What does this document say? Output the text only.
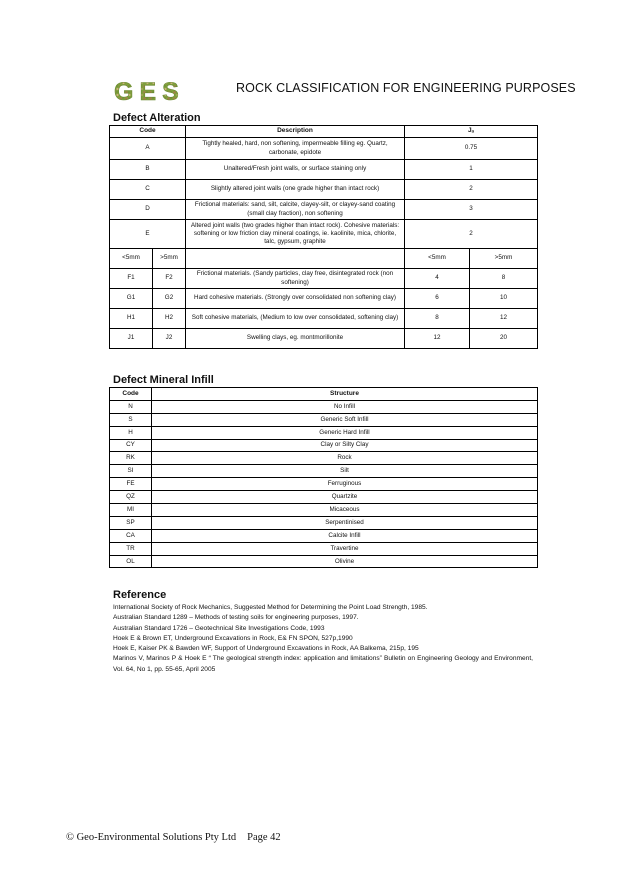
GES	ROCK CLASSIFICATION FOR ENGINEERING PURPOSES
Defect Alteration
Code		Description	Jₐ	
A		Tightly healed, hard, non softening, impermeable filling eg. Quartz, carbonate, epidote	0.75	
B		Unaltered/Fresh joint walls, or surface staining only	1	
C		Slightly altered joint walls (one grade higher than intact rock)	2	
D		Frictional materials: sand, silt, calcite, clayey-silt, or clayey-sand coating (small clay fraction), non softening	3	
E		Altered joint walls (two grades higher than intact rock). Cohesive materials: softening or low friction clay mineral coatings, ie. kaolinite, mica, chlorite, talc, gypsum, graphite	2	
<5mm	>5mm		<5mm	>5mm
F1	F2	Frictional materials. (Sandy particles, clay free, disintegrated rock (non softening)	4	8
G1	G2	Hard cohesive materials. (Strongly over consolidated non softening clay)	6	10
H1	H2	Soft cohesive materials, (Medium to low over consolidated, softening clay)	8	12
J1	J2	Swelling clays, eg. montmorillonite	12	20
Defect Mineral Infill
Code	Structure
N	No Infill
S	Generic Soft Infill
H	Generic Hard Infill
CY	Clay or Silty Clay
RK	Rock
SI	Silt
FE	Ferruginous
QZ	Quartzite
MI	Micaceous
SP	Serpentinised
CA	Calcite Infill
TR	Travertine
OL	Olivine
Reference
International Society of Rock Mechanics, Suggested Method for Determining the Point Load Strength, 1985.
Australian Standard 1289 – Methods of testing soils for engineering purposes, 1997.
Australian Standard 1726 – Geotechnical Site Investigations Code, 1993
Hoek E & Brown ET, Underground Excavations in Rock, E& FN SPON, 527p,1990
Hoek E, Kaiser PK & Bawden WF, Support of Underground Excavations in Rock, AA Balkema, 215p, 195
Marinos V, Marinos P & Hoek E “ The geological strength index: application and limitations” Bulletin on Engineering Geology and Environment, Vol. 64, No 1, pp. 55-65, April 2005
© Geo-Environmental Solutions Pty Ltd Page 42
